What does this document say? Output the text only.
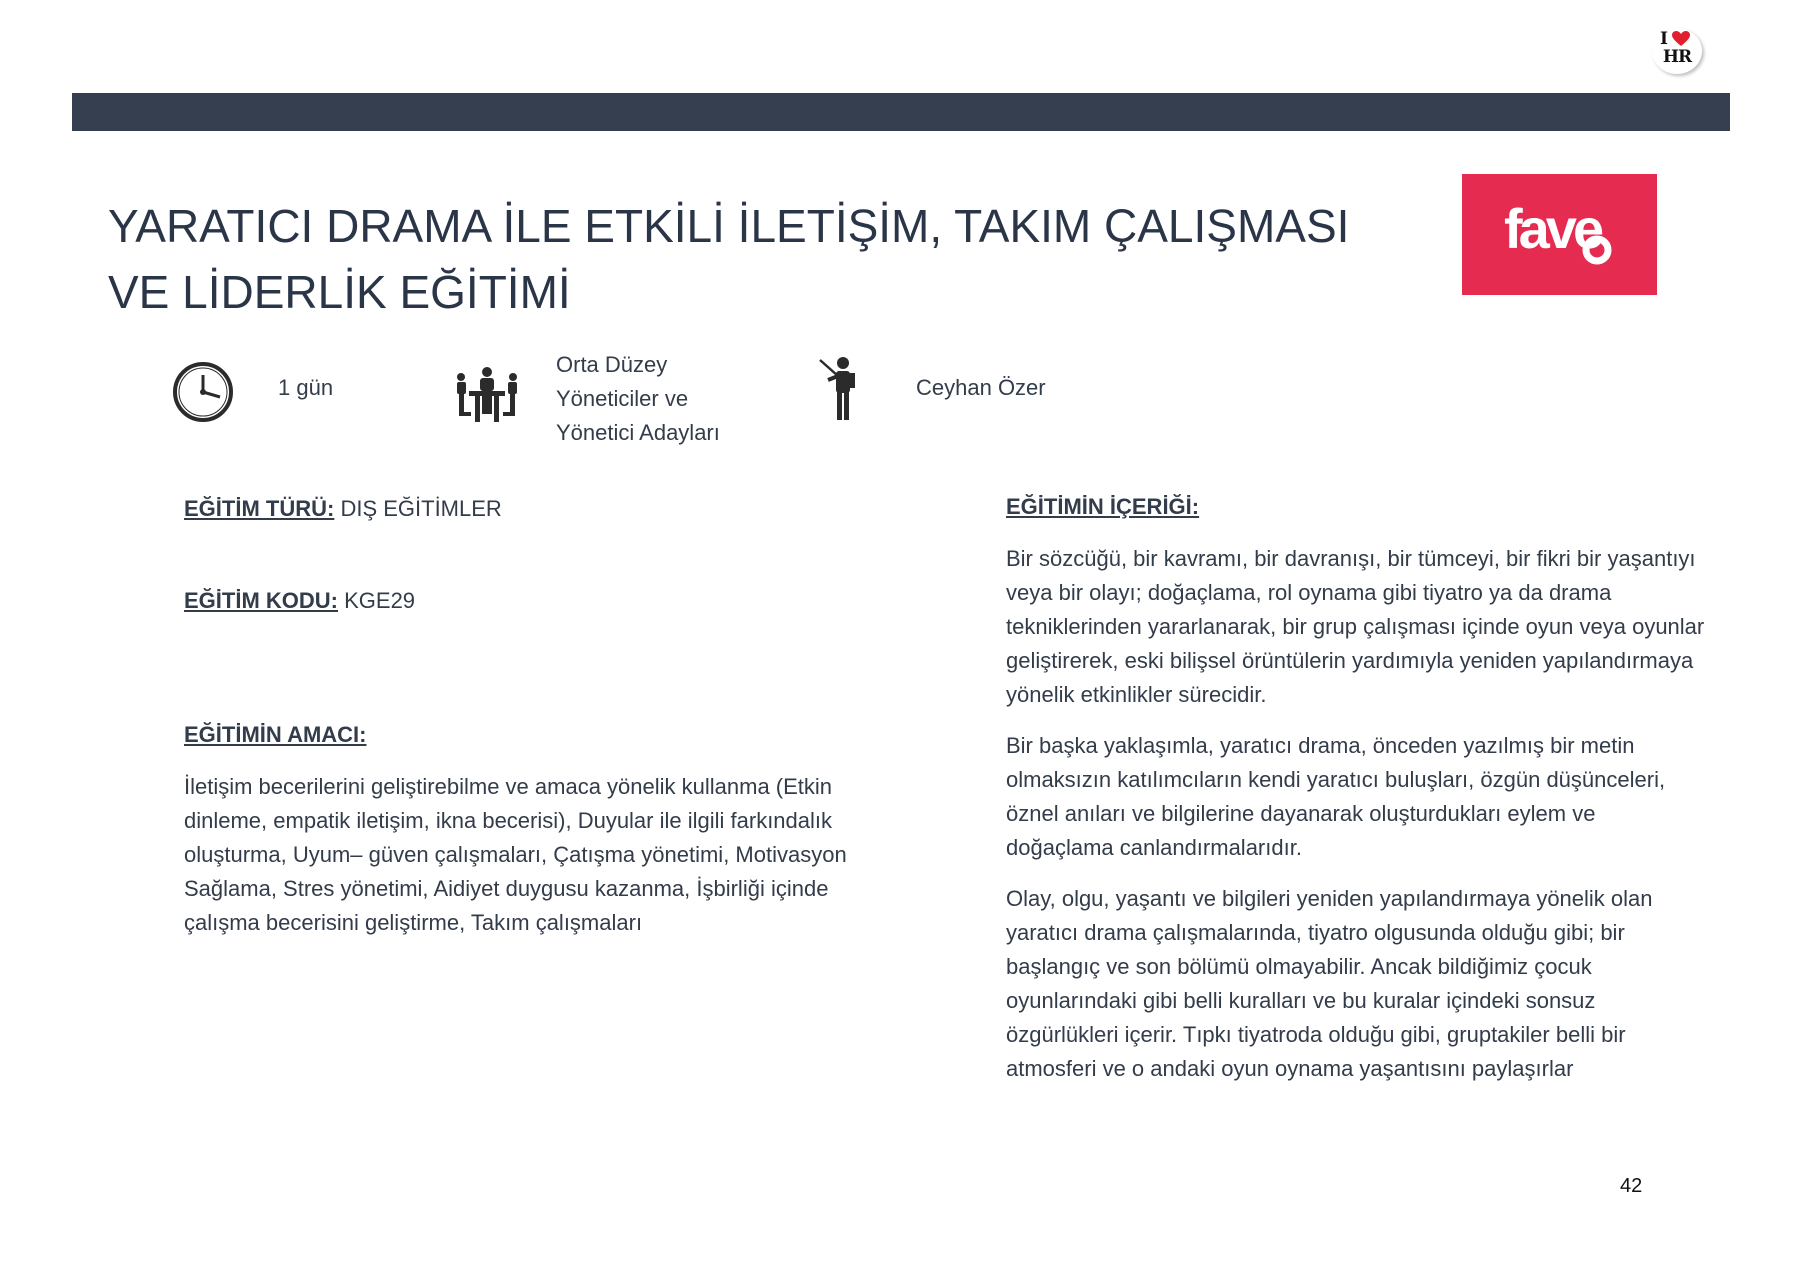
I
HR
YARATICI DRAMA İLE ETKİLİ İLETİŞİM, TAKIM ÇALIŞMASI VE LİDERLİK EĞİTİMİ
fave
1 gün
Orta Düzey
Yöneticiler ve
Yönetici Adayları
Ceyhan Özer
EĞİTİM TÜRÜ: DIŞ EĞİTİMLER
EĞİTİM KODU: KGE29
EĞİTİMİN AMACI:

İletişim becerilerini geliştirebilme ve amaca yönelik kullanma (Etkin dinleme, empatik iletişim, ikna becerisi), Duyular ile ilgili farkındalık oluşturma, Uyum– güven çalışmaları, Çatışma yönetimi, Motivasyon Sağlama, Stres yönetimi, Aidiyet duygusu kazanma, İşbirliği içinde çalışma becerisini geliştirme, Takım çalışmaları

EĞİTİMİN İÇERİĞİ:

Bir sözcüğü, bir kavramı, bir davranışı, bir tümceyi, bir fikri bir yaşantıyı veya bir olayı; doğaçlama, rol oynama gibi tiyatro ya da drama tekniklerinden yararlanarak, bir grup çalışması içinde oyun veya oyunlar geliştirerek, eski bilişsel örüntülerin yardımıyla yeniden yapılandırmaya yönelik etkinlikler sürecidir.

Bir başka yaklaşımla, yaratıcı drama, önceden yazılmış bir metin olmaksızın katılımcıların kendi yaratıcı buluşları, özgün düşünceleri, öznel anıları ve bilgilerine dayanarak oluşturdukları eylem ve doğaçlama canlandırmalarıdır.

Olay, olgu, yaşantı ve bilgileri yeniden yapılandırmaya yönelik olan yaratıcı drama çalışmalarında, tiyatro olgusunda olduğu gibi; bir başlangıç ve son bölümü olmayabilir. Ancak bildiğimiz çocuk oyunlarındaki gibi belli kuralları ve bu kuralar içindeki sonsuz özgürlükleri içerir. Tıpkı tiyatroda olduğu gibi, gruptakiler belli bir atmosferi ve o andaki oyun oynama yaşantısını paylaşırlar

42
